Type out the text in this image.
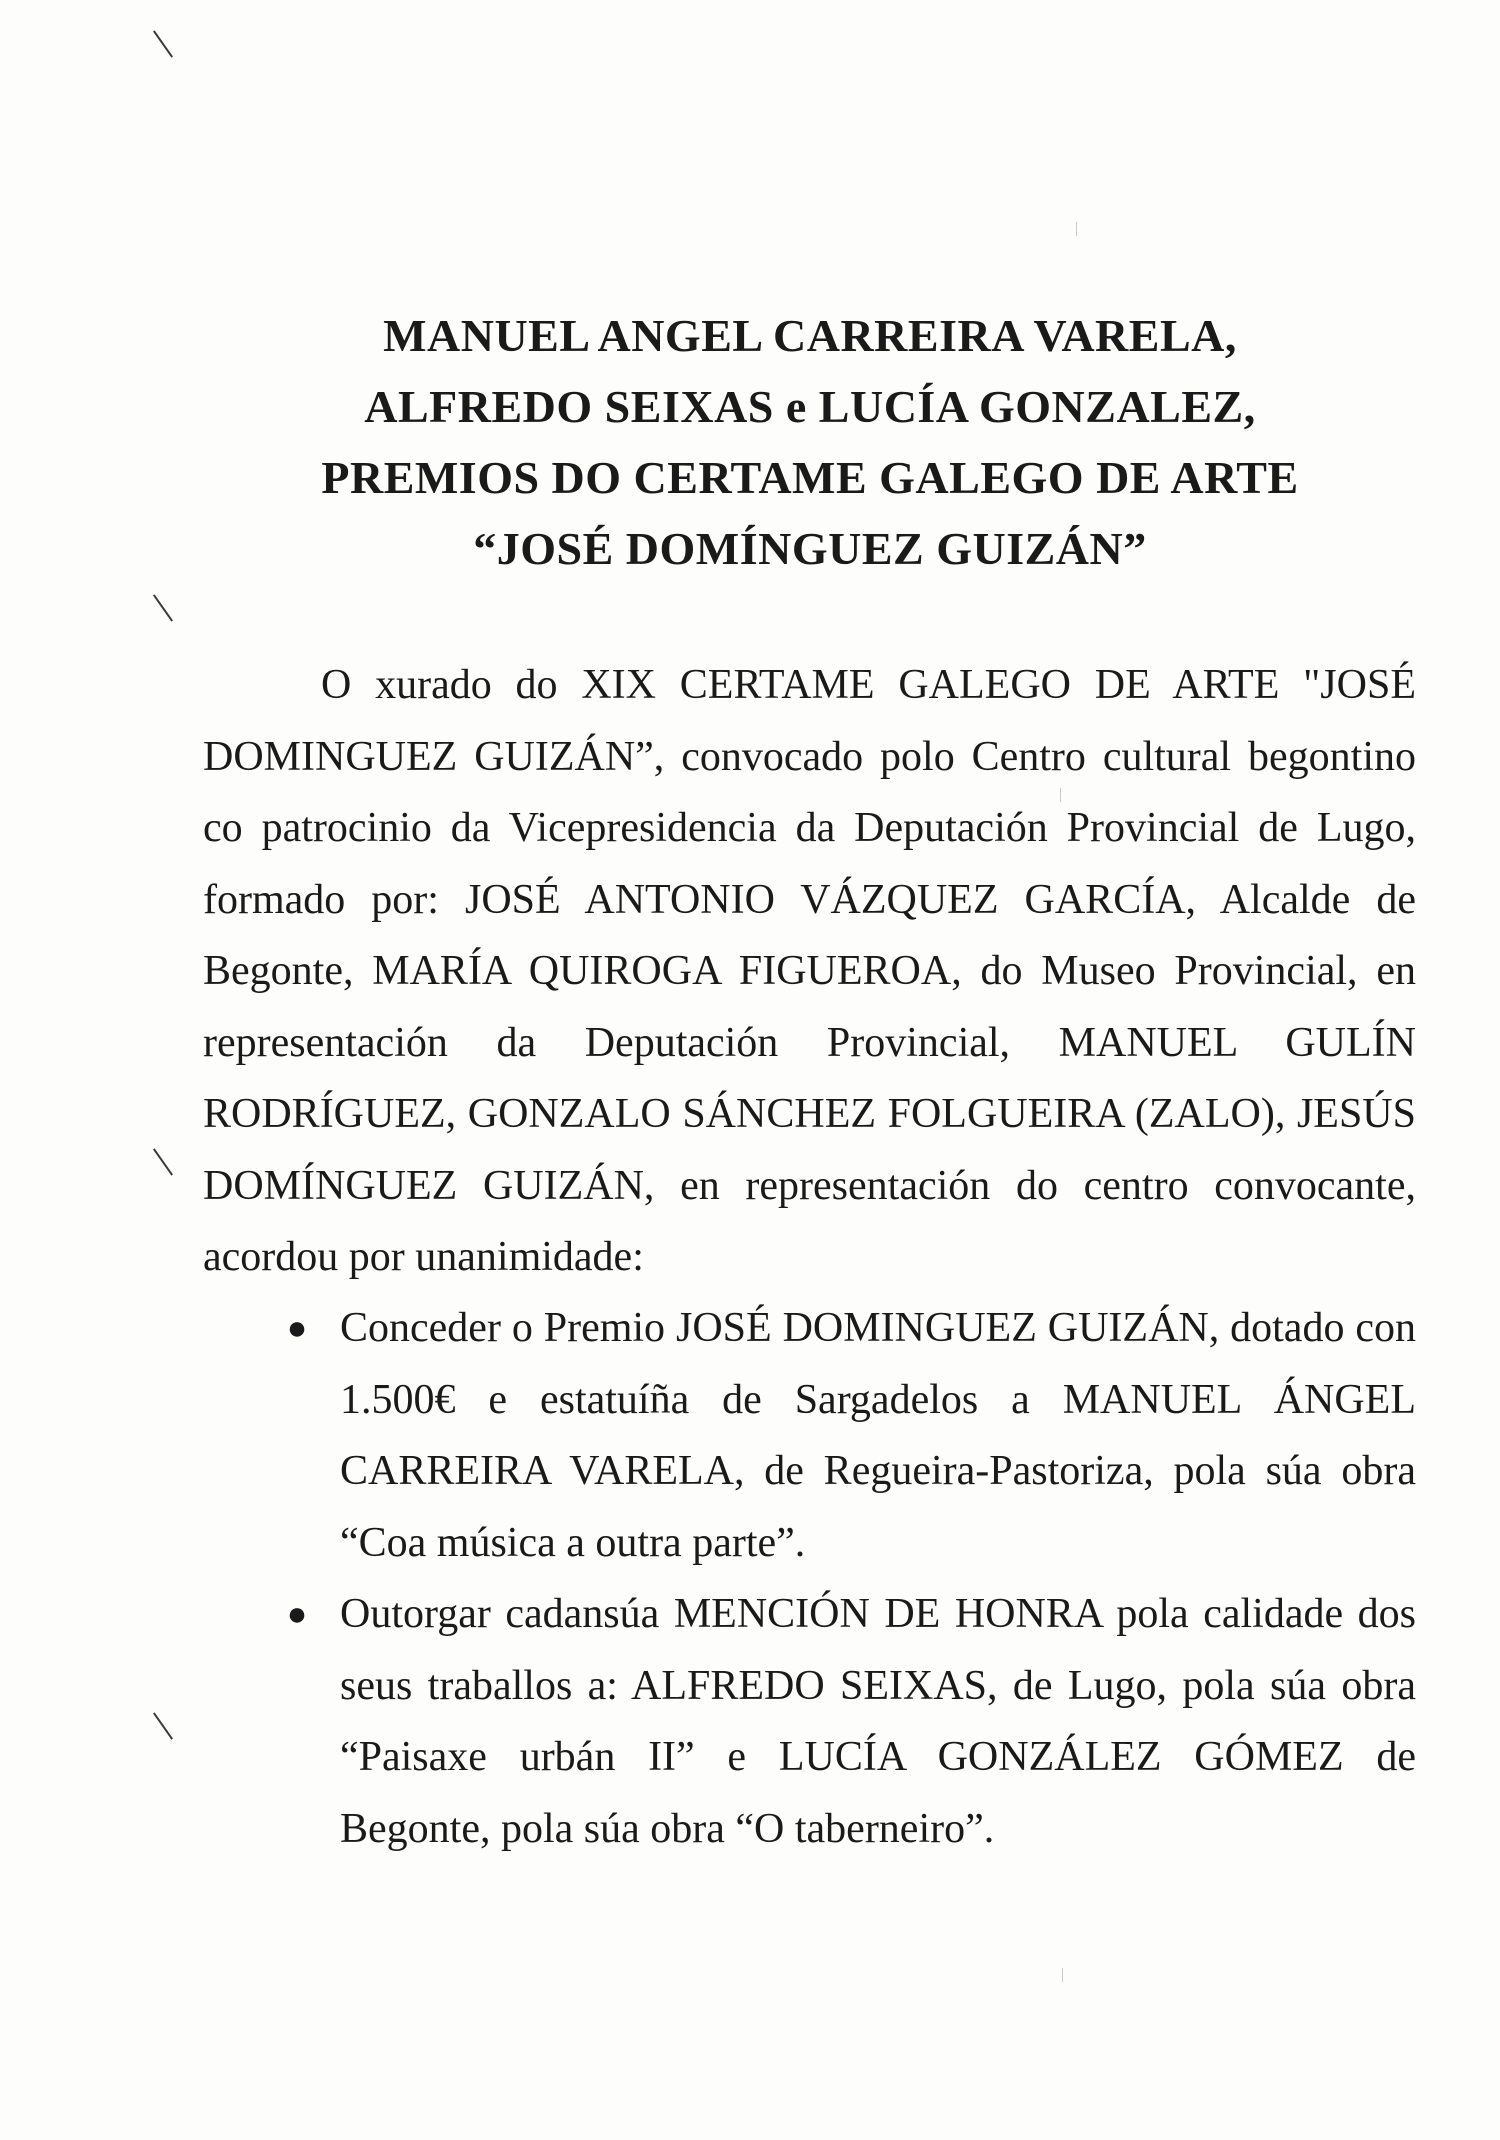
MANUEL ANGEL CARREIRA VARELA,
ALFREDO SEIXAS e LUCÍA GONZALEZ,
PREMIOS DO CERTAME GALEGO DE ARTE
“JOSÉ DOMÍNGUEZ GUIZÁN”

O xurado do XIX CERTAME GALEGO DE ARTE "JOSÉ DOMINGUEZ GUIZÁN”, convocado polo Centro cultural begontino co patrocinio da Vicepresidencia da Deputación Provincial de Lugo, formado por: JOSÉ ANTONIO VÁZQUEZ GARCÍA, Alcalde de Begonte, MARÍA QUIROGA FIGUEROA, do Museo Provincial, en representación da Deputación Provincial, MANUEL GULÍN RODRÍGUEZ, GONZALO SÁNCHEZ FOLGUEIRA (ZALO), JESÚS DOMÍNGUEZ GUIZÁN, en representación do centro convocante, acordou por unanimidade:

● Conceder o Premio JOSÉ DOMINGUEZ GUIZÁN, dotado con 1.500€ e estatuíña de Sargadelos a MANUEL ÁNGEL CARREIRA VARELA, de Regueira-Pastoriza, pola súa obra “Coa música a outra parte”.
● Outorgar cadansúa MENCIÓN DE HONRA pola calidade dos seus traballos a: ALFREDO SEIXAS, de Lugo, pola súa obra “Paisaxe urbán II” e LUCÍA GONZÁLEZ GÓMEZ de Begonte, pola súa obra “O taberneiro”.
